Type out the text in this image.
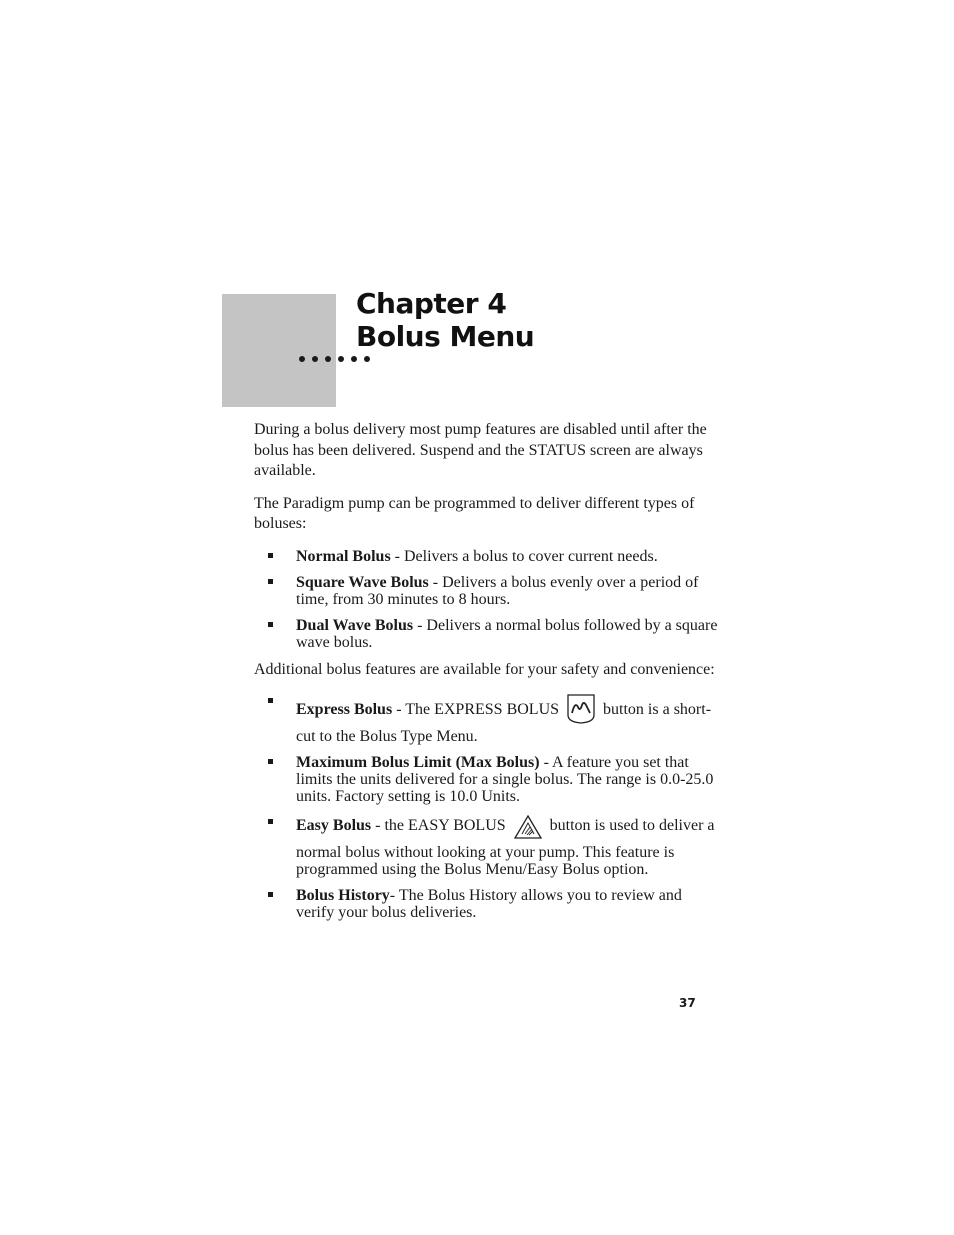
Chapter 4
Bolus Menu

During a bolus delivery most pump features are disabled until after the bolus has been delivered. Suspend and the STATUS screen are always available.

The Paradigm pump can be programmed to deliver different types of boluses:

Normal Bolus - Delivers a bolus to cover current needs.
Square Wave Bolus - Delivers a bolus evenly over a period of time, from 30 minutes to 8 hours.
Dual Wave Bolus - Delivers a normal bolus followed by a square wave bolus.

Additional bolus features are available for your safety and convenience:

Express Bolus - The EXPRESS BOLUS	button is a short-cut to the Bolus Type Menu.
Maximum Bolus Limit (Max Bolus) - A feature you set that limits the units delivered for a single bolus. The range is 0.0-25.0 units. Factory setting is 10.0 Units.
Easy Bolus - the EASY BOLUS	button is used to deliver a normal bolus without looking at your pump. This feature is programmed using the Bolus Menu/Easy Bolus option.
Bolus History- The Bolus History allows you to review and verify your bolus deliveries.
37
